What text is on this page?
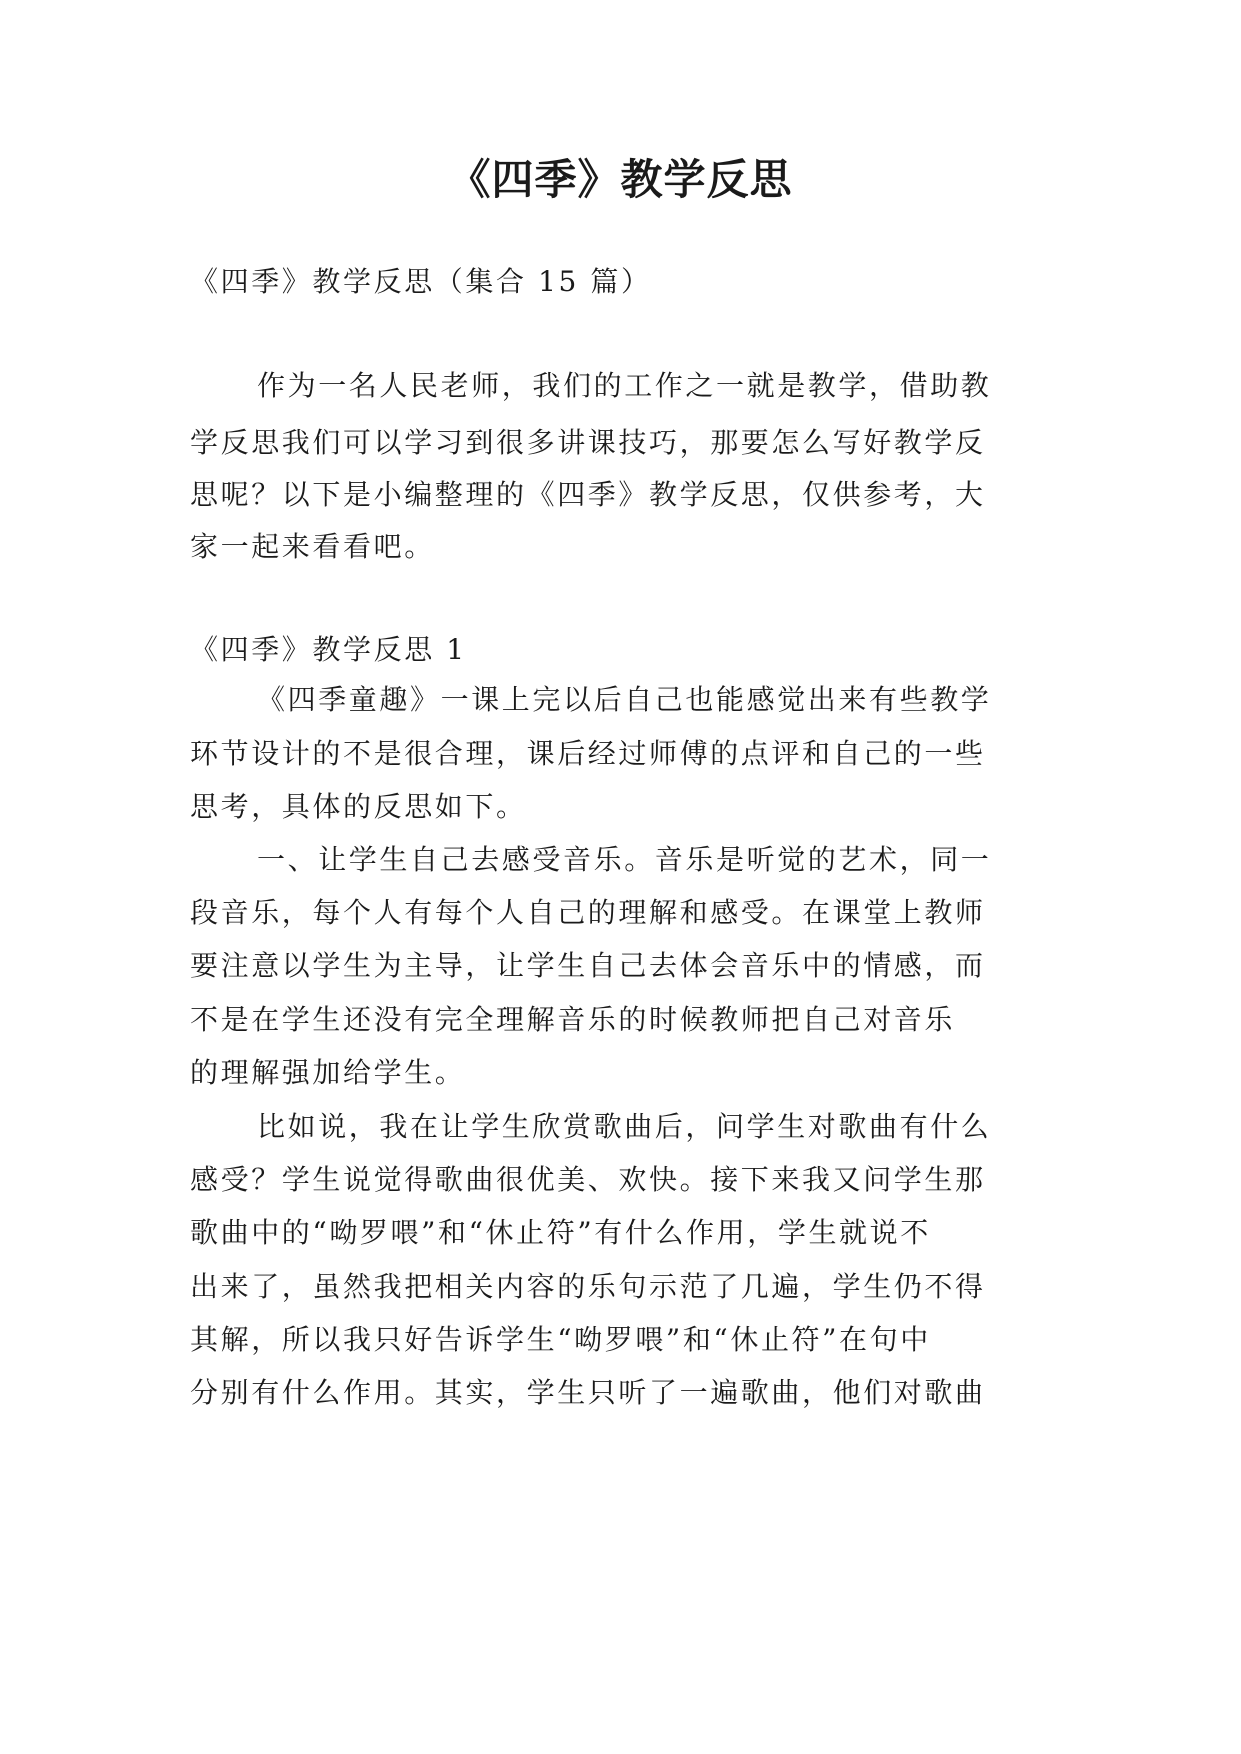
《四季》教学反思

《四季》教学反思（集合 15 篇）

作为一名人民老师，我们的工作之一就是教学，借助教

学反思我们可以学习到很多讲课技巧，那要怎么写好教学反

思呢？以下是小编整理的《四季》教学反思，仅供参考，大

家一起来看看吧。

《四季》教学反思 1

《四季童趣》一课上完以后自己也能感觉出来有些教学

环节设计的不是很合理，课后经过师傅的点评和自己的一些

思考，具体的反思如下。

一、让学生自己去感受音乐。音乐是听觉的艺术，同一

段音乐，每个人有每个人自己的理解和感受。在课堂上教师

要注意以学生为主导，让学生自己去体会音乐中的情感，而

不是在学生还没有完全理解音乐的时候教师把自己对音乐

的理解强加给学生。

比如说，我在让学生欣赏歌曲后，问学生对歌曲有什么

感受？学生说觉得歌曲很优美、欢快。接下来我又问学生那

歌曲中的“呦罗喂”和“休止符”有什么作用，学生就说不

出来了，虽然我把相关内容的乐句示范了几遍，学生仍不得

其解，所以我只好告诉学生“呦罗喂”和“休止符”在句中

分别有什么作用。其实，学生只听了一遍歌曲，他们对歌曲
